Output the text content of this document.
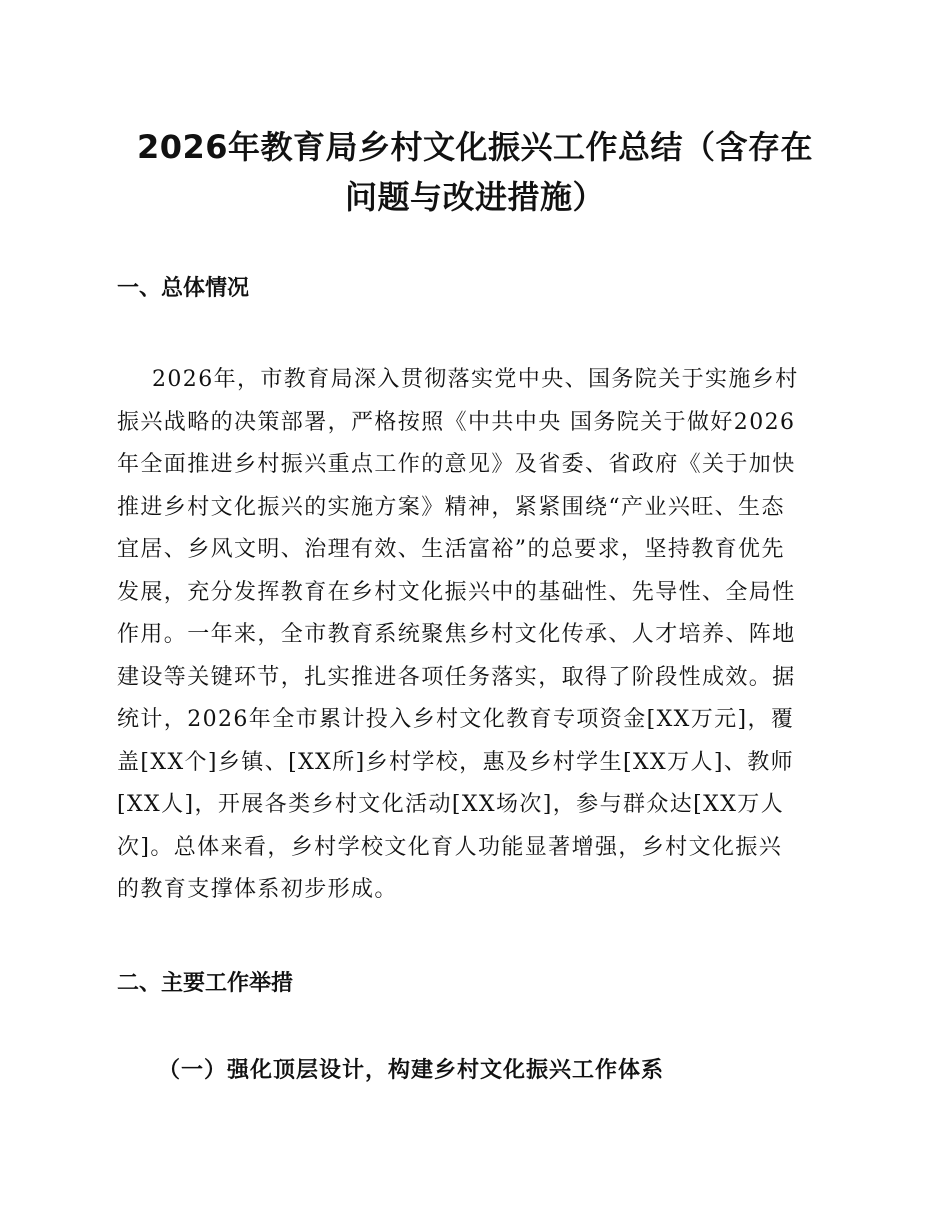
2026年教育局乡村文化振兴工作总结（含存在
问题与改进措施）
一、总体情况

2026年，市教育局深入贯彻落实党中央、国务院关于实施乡村
振兴战略的决策部署，严格按照《中共中央 国务院关于做好2026
年全面推进乡村振兴重点工作的意见》及省委、省政府《关于加快
推进乡村文化振兴的实施方案》精神，紧紧围绕“产业兴旺、生态
宜居、乡风文明、治理有效、生活富裕”的总要求，坚持教育优先
发展，充分发挥教育在乡村文化振兴中的基础性、先导性、全局性
作用。一年来，全市教育系统聚焦乡村文化传承、人才培养、阵地
建设等关键环节，扎实推进各项任务落实，取得了阶段性成效。据
统计，2026年全市累计投入乡村文化教育专项资金[XX万元]，覆
盖[XX个]乡镇、[XX所]乡村学校，惠及乡村学生[XX万人]、教师
[XX人]，开展各类乡村文化活动[XX场次]，参与群众达[XX万人
次]。总体来看，乡村学校文化育人功能显著增强，乡村文化振兴
的教育支撑体系初步形成。

二、主要工作举措
（一）强化顶层设计，构建乡村文化振兴工作体系
